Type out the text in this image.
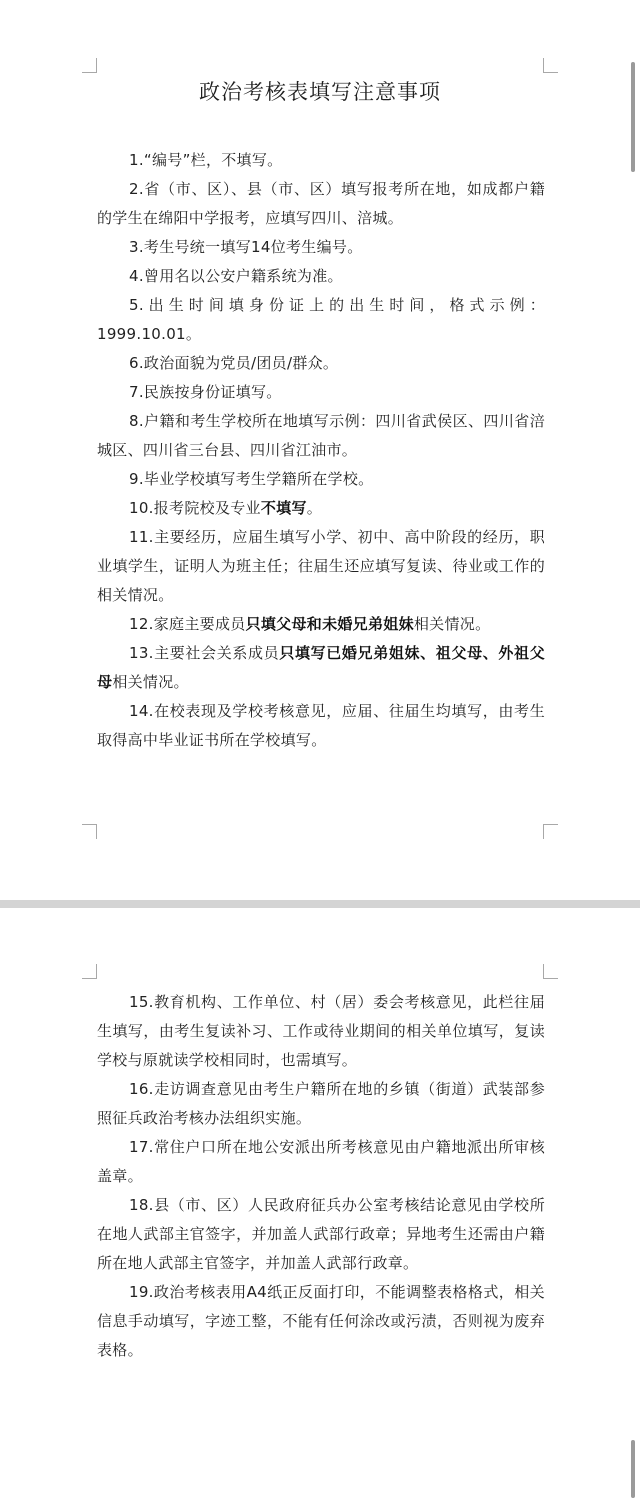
政治考核表填写注意事项

1.“编号”栏，不填写。

2.省（市、区）、县（市、区）填写报考所在地，如成都户籍的学生在绵阳中学报考，应填写四川、涪城。

3.考生号统一填写14位考生编号。

4.曾用名以公安户籍系统为准。

5.出生时间填身份证上的出生时间，格式示例：1999.10.01。

6.政治面貌为党员/团员/群众。

7.民族按身份证填写。

8.户籍和考生学校所在地填写示例：四川省武侯区、四川省涪城区、四川省三台县、四川省江油市。

9.毕业学校填写考生学籍所在学校。

10.报考院校及专业不填写。

11.主要经历，应届生填写小学、初中、高中阶段的经历，职业填学生，证明人为班主任；往届生还应填写复读、待业或工作的相关情况。

12.家庭主要成员只填父母和未婚兄弟姐妹相关情况。

13.主要社会关系成员只填写已婚兄弟姐妹、祖父母、外祖父母相关情况。

14.在校表现及学校考核意见，应届、往届生均填写，由考生取得高中毕业证书所在学校填写。

15.教育机构、工作单位、村（居）委会考核意见，此栏往届生填写，由考生复读补习、工作或待业期间的相关单位填写，复读学校与原就读学校相同时，也需填写。

16.走访调查意见由考生户籍所在地的乡镇（街道）武装部参照征兵政治考核办法组织实施。

17.常住户口所在地公安派出所考核意见由户籍地派出所审核盖章。

18.县（市、区）人民政府征兵办公室考核结论意见由学校所在地人武部主官签字，并加盖人武部行政章；异地考生还需由户籍所在地人武部主官签字，并加盖人武部行政章。

19.政治考核表用A4纸正反面打印，不能调整表格格式，相关信息手动填写，字迹工整，不能有任何涂改或污渍，否则视为废弃表格。
